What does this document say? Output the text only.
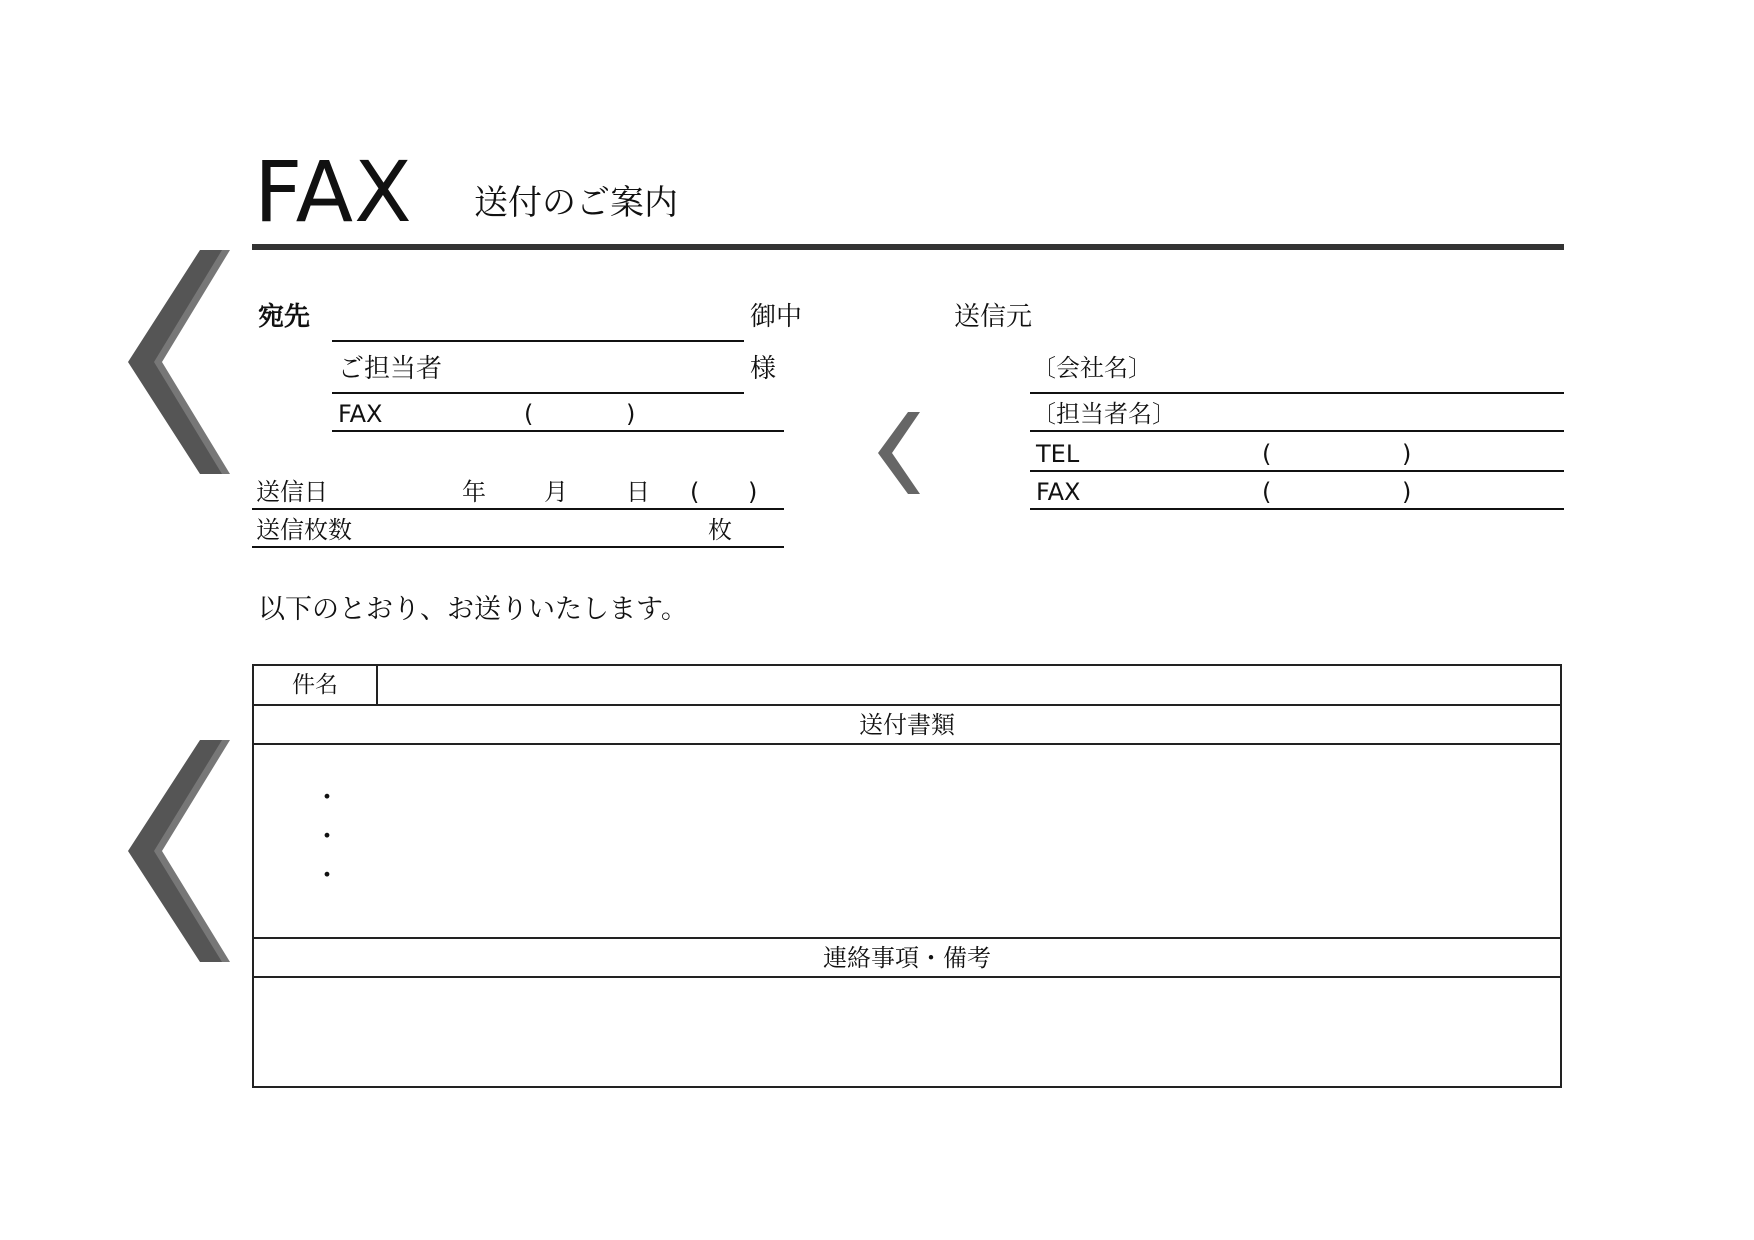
FAX 送付のご案内
宛先	御中
ご担当者	様
FAX	(	)
送信日	年 月 日 ( )
送信枚数	枚
送信元
〔会社名〕
〔担当者名〕
TEL	(	)
FAX	(	)
以下のとおり、お送りいたします。
件名
送付書類
・
・
・
連絡事項・備考
